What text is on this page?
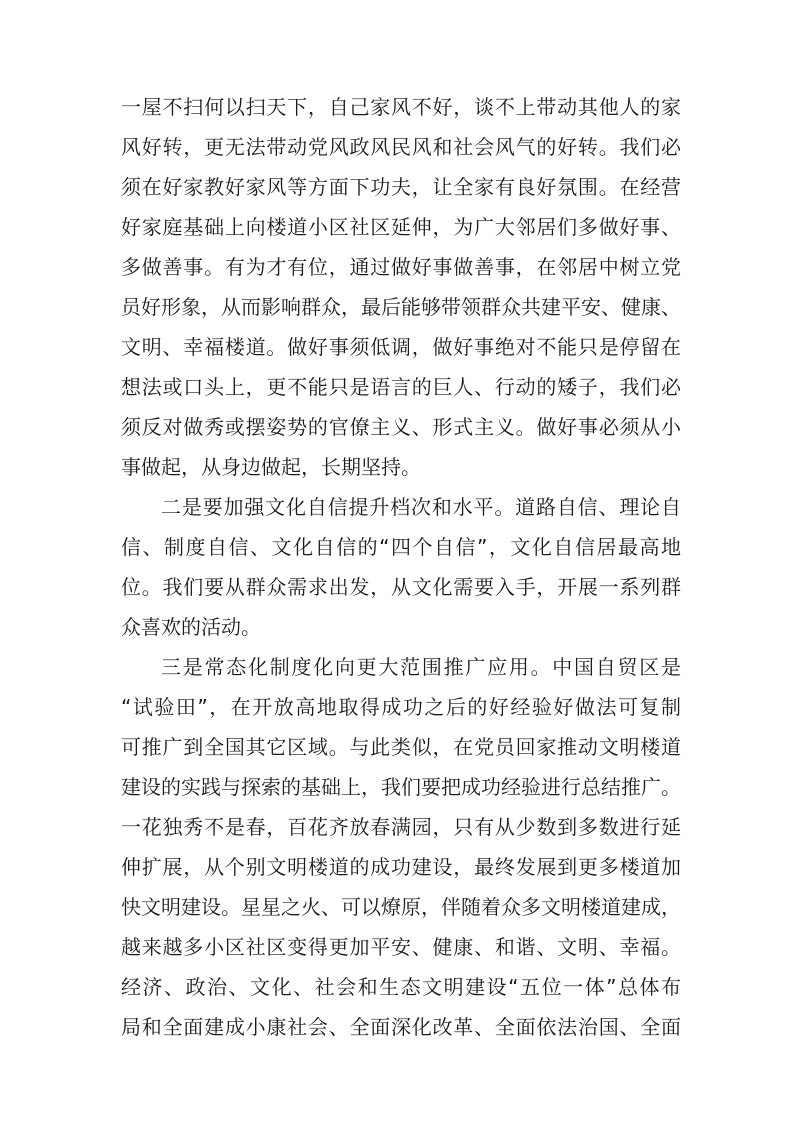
一屋不扫何以扫天下，自己家风不好，谈不上带动其他人的家

风好转，更无法带动党风政风民风和社会风气的好转。我们必

须在好家教好家风等方面下功夫，让全家有良好氛围。在经营

好家庭基础上向楼道小区社区延伸，为广大邻居们多做好事、

多做善事。有为才有位，通过做好事做善事，在邻居中树立党

员好形象，从而影响群众，最后能够带领群众共建平安、健康、

文明、幸福楼道。做好事须低调，做好事绝对不能只是停留在

想法或口头上，更不能只是语言的巨人、行动的矮子，我们必

须反对做秀或摆姿势的官僚主义、形式主义。做好事必须从小

事做起，从身边做起，长期坚持。

二是要加强文化自信提升档次和水平。道路自信、理论自

信、制度自信、文化自信的“四个自信”，文化自信居最高地

位。我们要从群众需求出发，从文化需要入手，开展一系列群

众喜欢的活动。

三是常态化制度化向更大范围推广应用。中国自贸区是

“试验田”，在开放高地取得成功之后的好经验好做法可复制

可推广到全国其它区域。与此类似，在党员回家推动文明楼道

建设的实践与探索的基础上，我们要把成功经验进行总结推广。

一花独秀不是春，百花齐放春满园，只有从少数到多数进行延

伸扩展，从个别文明楼道的成功建设，最终发展到更多楼道加

快文明建设。星星之火、可以燎原，伴随着众多文明楼道建成，

越来越多小区社区变得更加平安、健康、和谐、文明、幸福。

经济、政治、文化、社会和生态文明建设“五位一体”总体布

局和全面建成小康社会、全面深化改革、全面依法治国、全面
